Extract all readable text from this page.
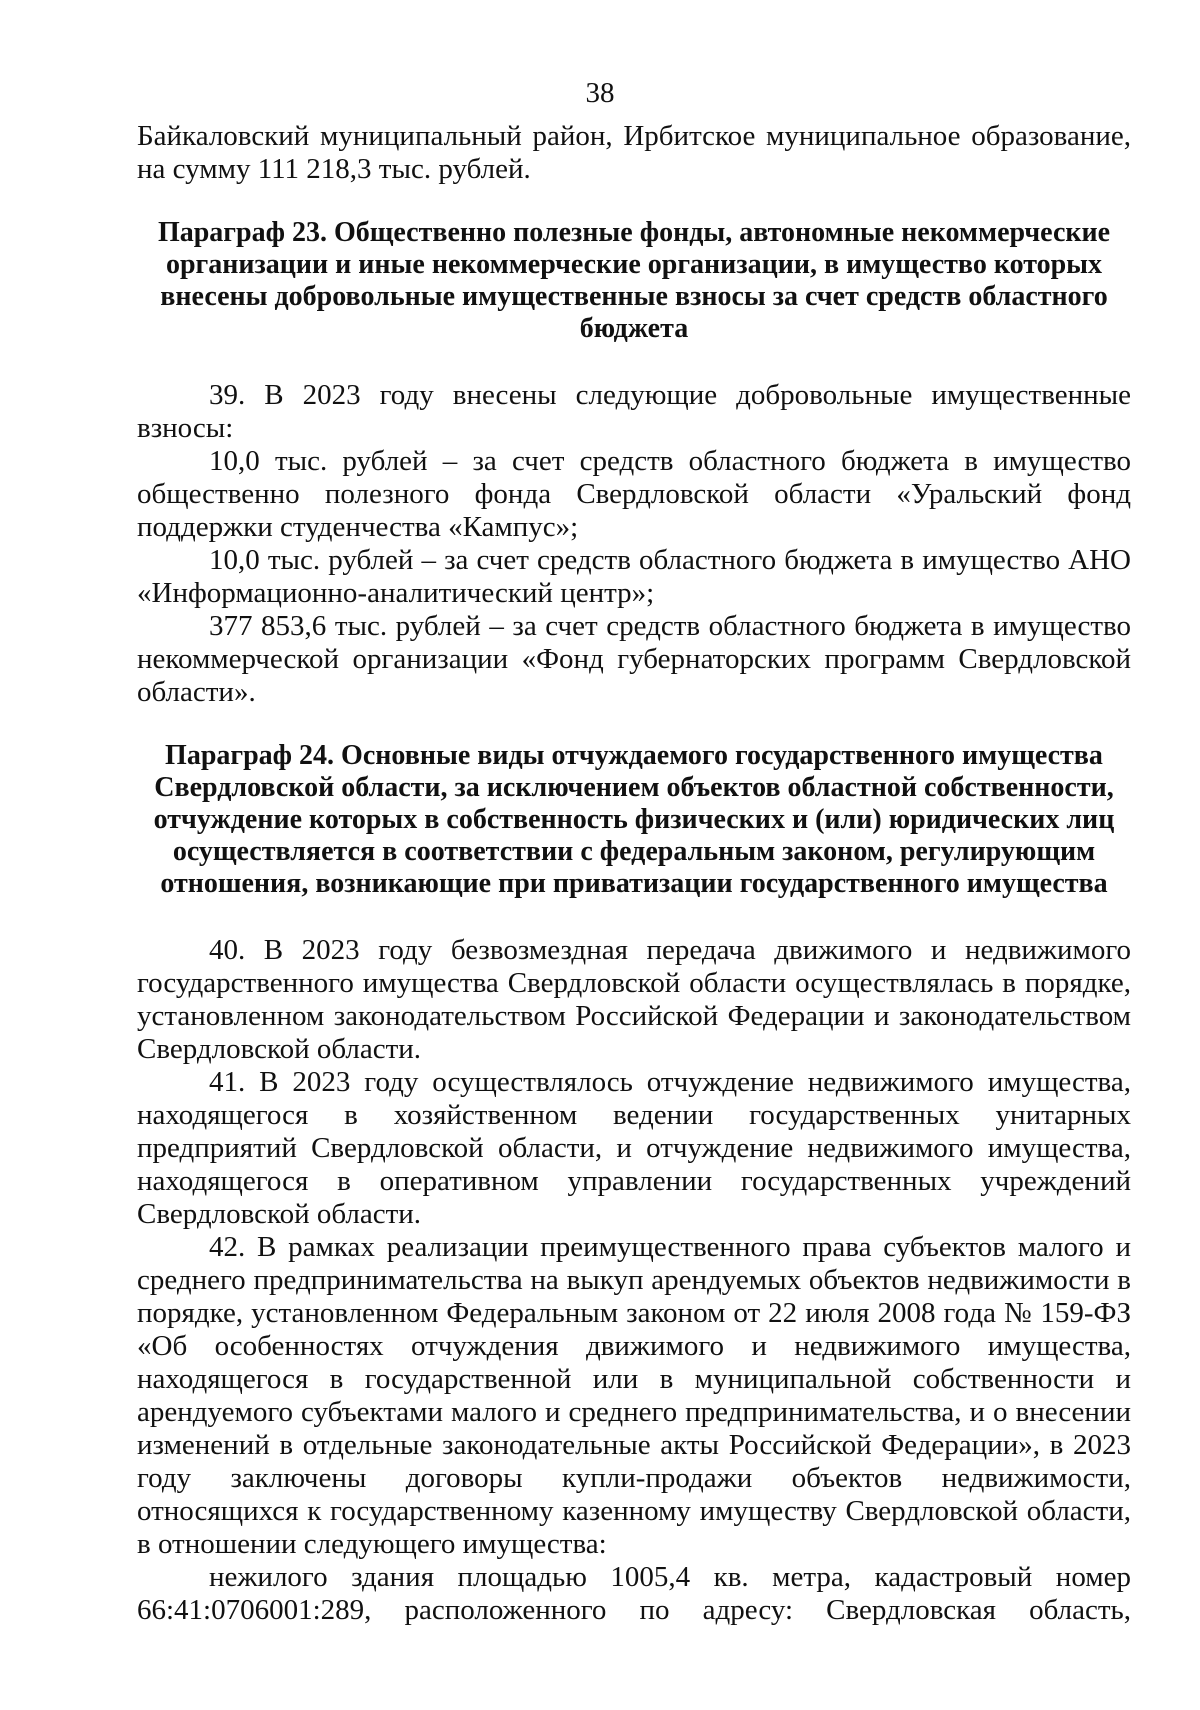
38

Байкаловский муниципальный район, Ирбитское муниципальное образование, на сумму 111 218,3 тыс. рублей.

Параграф 23. Общественно полезные фонды, автономные некоммерческие организации и иные некоммерческие организации, в имущество которых внесены добровольные имущественные взносы за счет средств областного бюджета

39. В 2023 году внесены следующие добровольные имущественные взносы:

10,0 тыс. рублей – за счет средств областного бюджета в имущество общественно полезного фонда Свердловской области «Уральский фонд поддержки студенчества «Кампус»;

10,0 тыс. рублей – за счет средств областного бюджета в имущество АНО «Информационно-аналитический центр»;

377 853,6 тыс. рублей – за счет средств областного бюджета в имущество некоммерческой организации «Фонд губернаторских программ Свердловской области».

Параграф 24. Основные виды отчуждаемого государственного имущества Свердловской области, за исключением объектов областной собственности, отчуждение которых в собственность физических и (или) юридических лиц осуществляется в соответствии с федеральным законом, регулирующим отношения, возникающие при приватизации государственного имущества

40. В 2023 году безвозмездная передача движимого и недвижимого государственного имущества Свердловской области осуществлялась в порядке, установленном законодательством Российской Федерации и законодательством Свердловской области.

41. В 2023 году осуществлялось отчуждение недвижимого имущества, находящегося в хозяйственном ведении государственных унитарных предприятий Свердловской области, и отчуждение недвижимого имущества, находящегося в оперативном управлении государственных учреждений Свердловской области.

42. В рамках реализации преимущественного права субъектов малого и среднего предпринимательства на выкуп арендуемых объектов недвижимости в порядке, установленном Федеральным законом от 22 июля 2008 года № 159-ФЗ «Об особенностях отчуждения движимого и недвижимого имущества, находящегося в государственной или в муниципальной собственности и арендуемого субъектами малого и среднего предпринимательства, и о внесении изменений в отдельные законодательные акты Российской Федерации», в 2023 году заключены договоры купли-продажи объектов недвижимости, относящихся к государственному казенному имуществу Свердловской области, в отношении следующего имущества:

нежилого здания площадью 1005,4 кв. метра, кадастровый номер 66:41:0706001:289, расположенного по адресу: Свердловская область,
